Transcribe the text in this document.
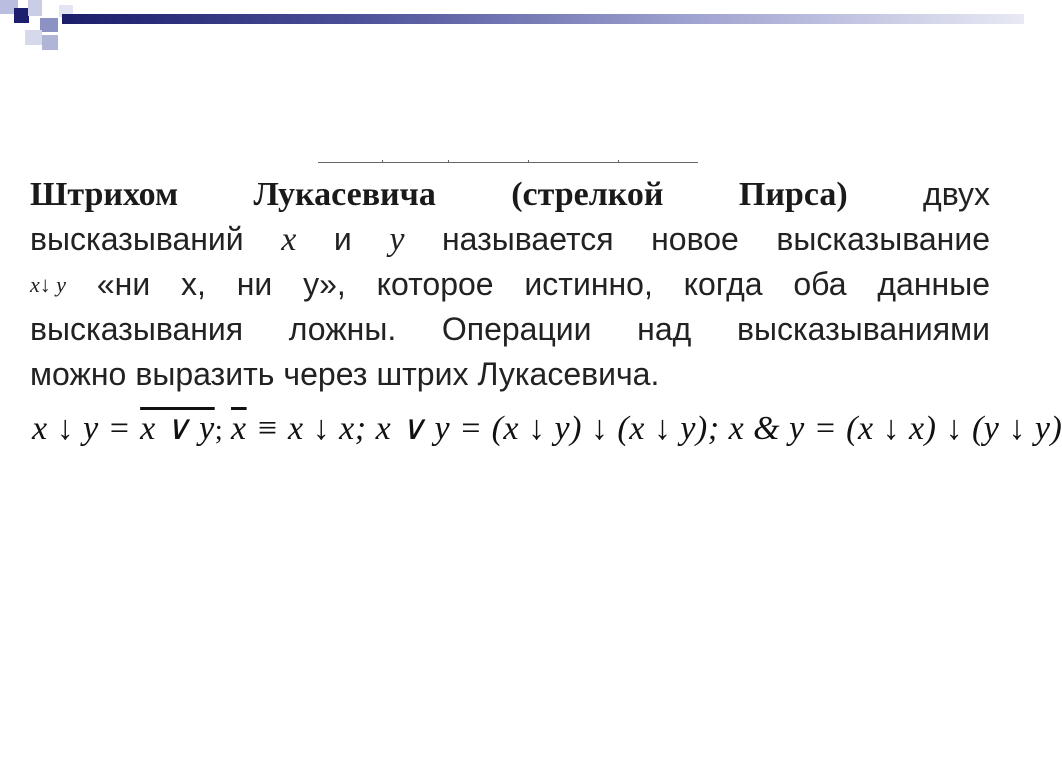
Штрихом Лукасевича (стрелкой Пирса) двух
высказываний x и y называется новое высказывание
x↓ y «ни x, ни y», которое истинно, когда оба данные
высказывания ложны. Операции над высказываниями
можно выразить через штрих Лукасевича.
x ↓ y = x ∨ y; $\overline{x} \equiv x$ ↓ x; x ∨ y = (x ↓ y) ↓ (x ↓ y); x & y = (x ↓ x) ↓ (y ↓ y)
